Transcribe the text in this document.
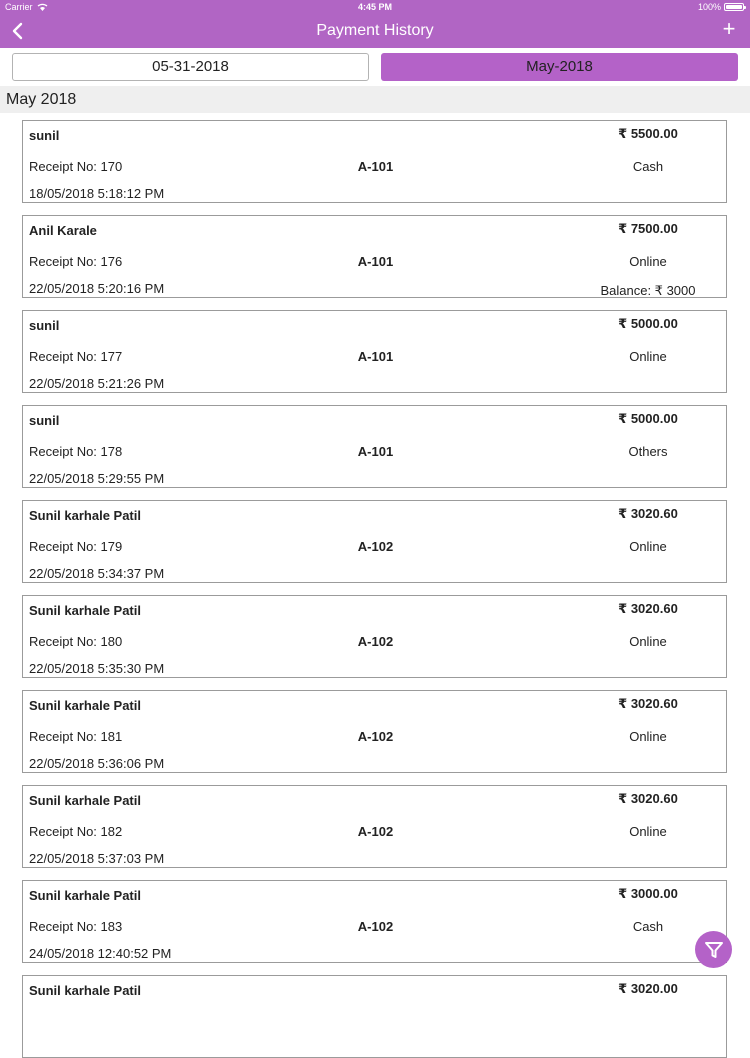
Carrier	4:45 PM	100%
Payment History	+
05-31-2018	May-2018
May 2018
sunil
Receipt No: 170
18/05/2018 5:18:12 PM
A-101
₹ 5500.00
Cash
Anil Karale
Receipt No: 176
22/05/2018 5:20:16 PM
A-101
₹ 7500.00
Online
Balance: ₹ 3000
sunil
Receipt No: 177
22/05/2018 5:21:26 PM
A-101
₹ 5000.00
Online
sunil
Receipt No: 178
22/05/2018 5:29:55 PM
A-101
₹ 5000.00
Others
Sunil karhale Patil
Receipt No: 179
22/05/2018 5:34:37 PM
A-102
₹ 3020.60
Online
Sunil karhale Patil
Receipt No: 180
22/05/2018 5:35:30 PM
A-102
₹ 3020.60
Online
Sunil karhale Patil
Receipt No: 181
22/05/2018 5:36:06 PM
A-102
₹ 3020.60
Online
Sunil karhale Patil
Receipt No: 182
22/05/2018 5:37:03 PM
A-102
₹ 3020.60
Online
Sunil karhale Patil
Receipt No: 183
24/05/2018 12:40:52 PM
A-102
₹ 3000.00
Cash
Sunil karhale Patil	₹ 3020.00
